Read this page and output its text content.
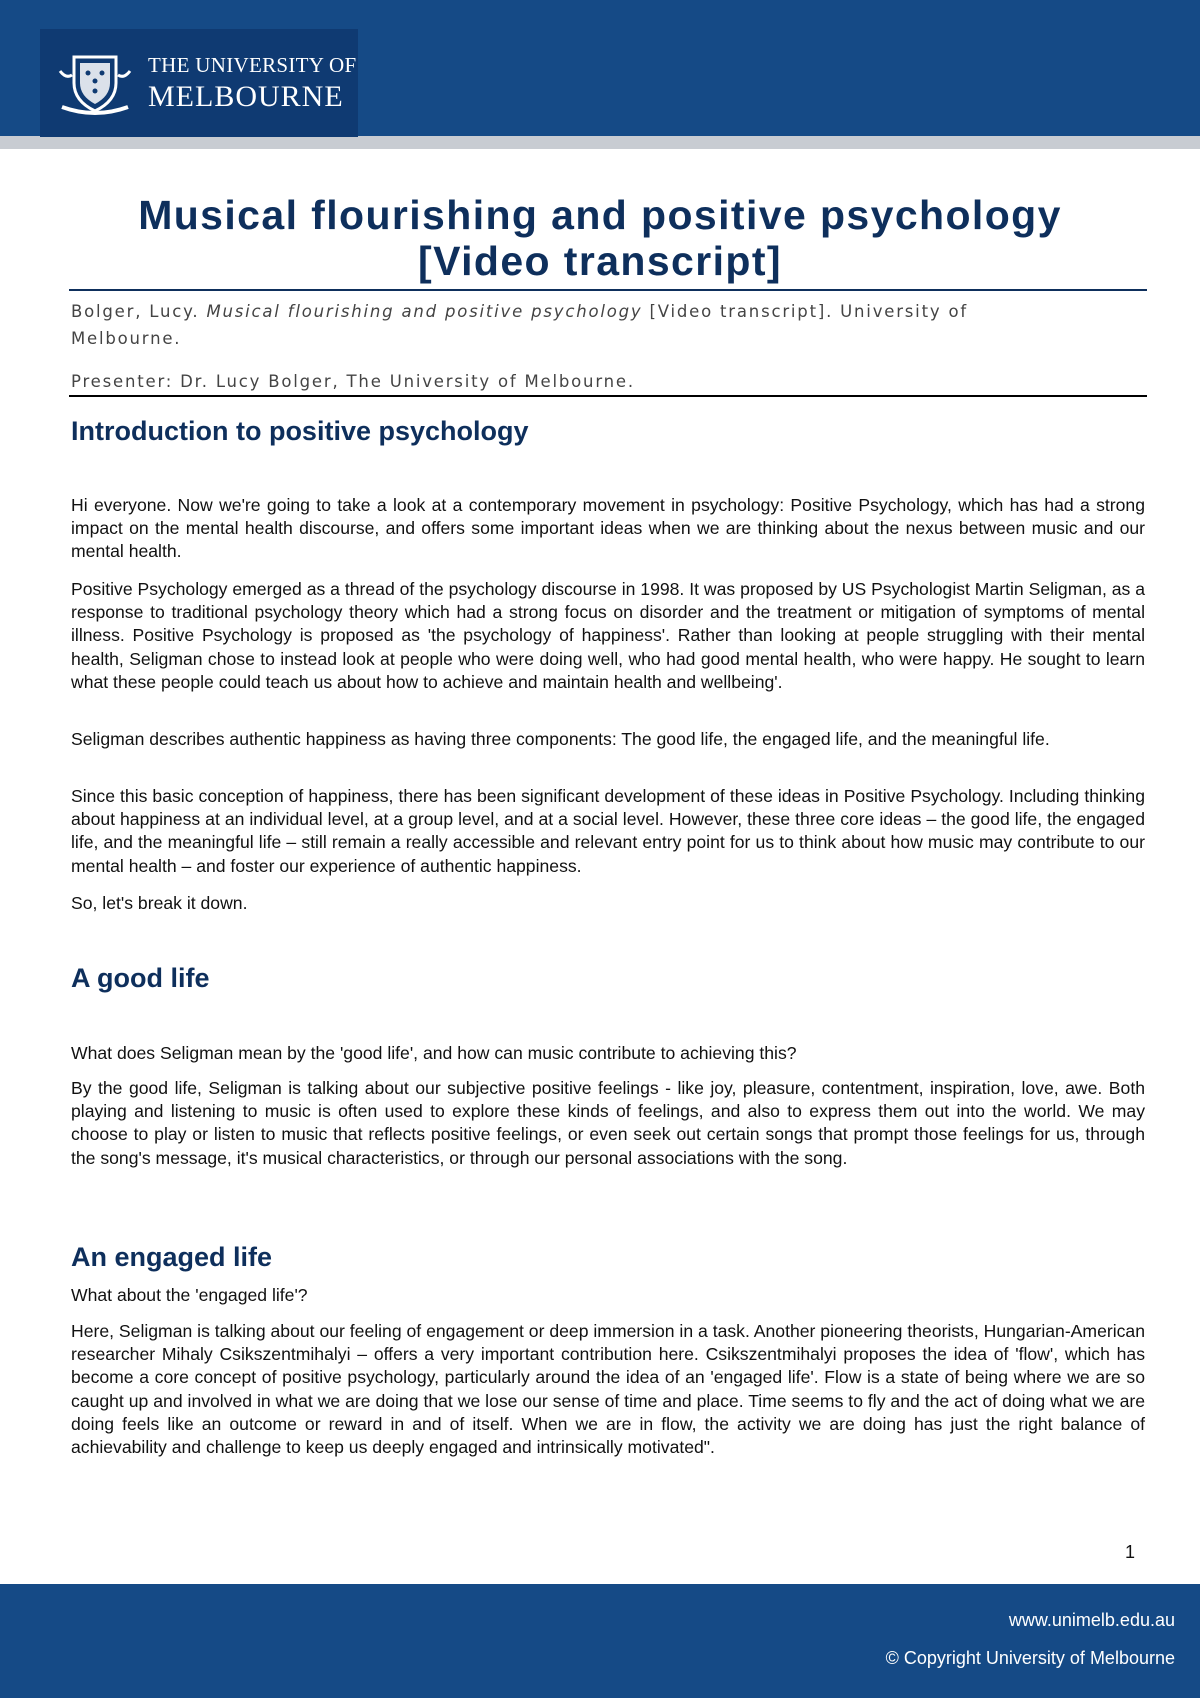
THE UNIVERSITY OF
MELBOURNE
Musical flourishing and positive psychology
[Video transcript]

Bolger, Lucy. Musical flourishing and positive psychology [Video transcript]. University of Melbourne.

Presenter: Dr. Lucy Bolger, The University of Melbourne.

Introduction to positive psychology

Hi everyone. Now we're going to take a look at a contemporary movement in psychology: Positive Psychology, which has had a strong impact on the mental health discourse, and offers some important ideas when we are thinking about the nexus between music and our mental health.

Positive Psychology emerged as a thread of the psychology discourse in 1998. It was proposed by US Psychologist Martin Seligman, as a response to traditional psychology theory which had a strong focus on disorder and the treatment or mitigation of symptoms of mental illness. Positive Psychology is proposed as 'the psychology of happiness'. Rather than looking at people struggling with their mental health, Seligman chose to instead look at people who were doing well, who had good mental health, who were happy. He sought to learn what these people could teach us about how to achieve and maintain health and wellbeing'.

Seligman describes authentic happiness as having three components: The good life, the engaged life, and the meaningful life.

Since this basic conception of happiness, there has been significant development of these ideas in Positive Psychology. Including thinking about happiness at an individual level, at a group level, and at a social level. However, these three core ideas – the good life, the engaged life, and the meaningful life – still remain a really accessible and relevant entry point for us to think about how music may contribute to our mental health – and foster our experience of authentic happiness.

So, let's break it down.

A good life

What does Seligman mean by the 'good life', and how can music contribute to achieving this?

By the good life, Seligman is talking about our subjective positive feelings - like joy, pleasure, contentment, inspiration, love, awe. Both playing and listening to music is often used to explore these kinds of feelings, and also to express them out into the world. We may choose to play or listen to music that reflects positive feelings, or even seek out certain songs that prompt those feelings for us, through the song's message, it's musical characteristics, or through our personal associations with the song.

An engaged life

What about the 'engaged life'?

Here, Seligman is talking about our feeling of engagement or deep immersion in a task. Another pioneering theorists, Hungarian-American researcher Mihaly Csikszentmihalyi – offers a very important contribution here. Csikszentmihalyi proposes the idea of 'flow', which has become a core concept of positive psychology, particularly around the idea of an 'engaged life'. Flow is a state of being where we are so caught up and involved in what we are doing that we lose our sense of time and place. Time seems to fly and the act of doing what we are doing feels like an outcome or reward in and of itself. When we are in flow, the activity we are doing has just the right balance of achievability and challenge to keep us deeply engaged and intrinsically motivated".

1
www.unimelb.edu.au
© Copyright University of Melbourne
